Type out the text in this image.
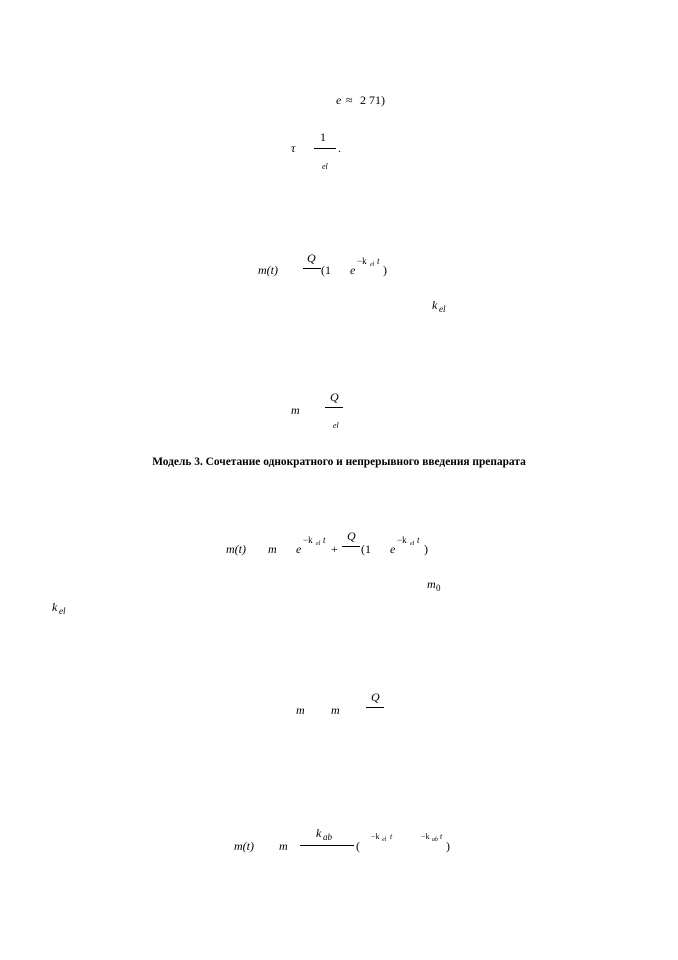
e ≈ 2 71)
τ
1
el
.
m(t)
Q
(1 e
−k el t
)
k el
m
Q
el
Модель 3. Сочетание однократного и непрерывного введения препарата
m(t) m e
−k el t
+
Q
(1 e
−k el t
)
m 0
k el
m m
Q
m(t) m
k ab
(
−k el t	−k ab t
)
